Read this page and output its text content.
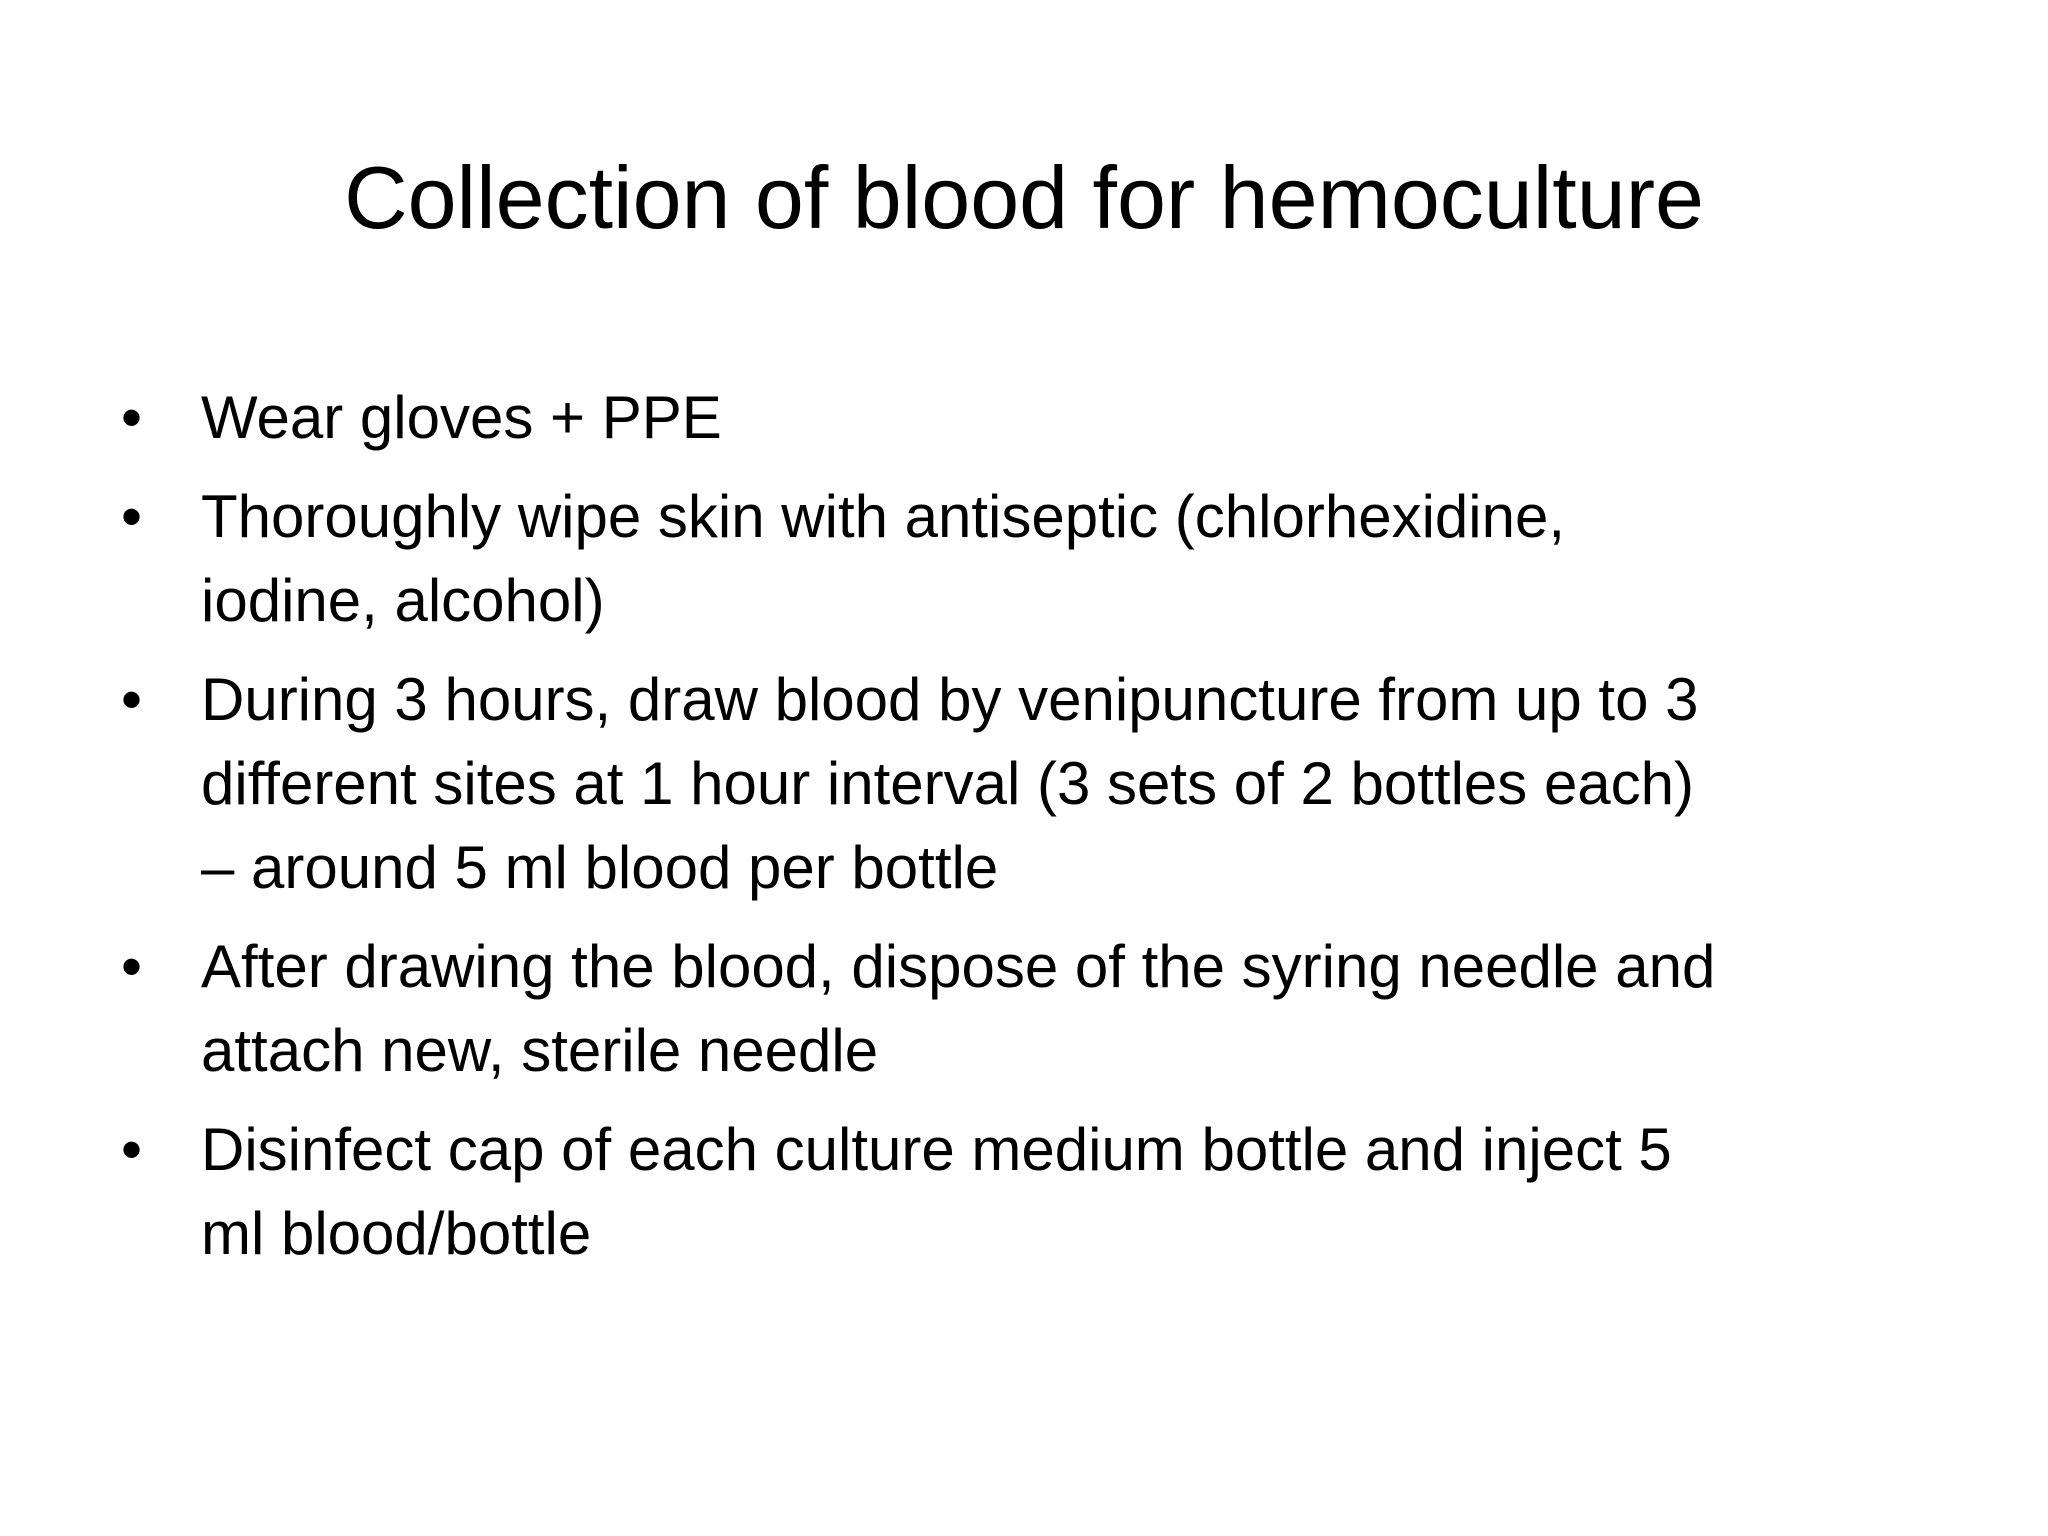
Collection of blood for hemoculture
• Wear gloves + PPE
• Thoroughly wipe skin with antiseptic (chlorhexidine,
iodine, alcohol)
• During 3 hours, draw blood by venipuncture from up to 3
different sites at 1 hour interval (3 sets of 2 bottles each)
– around 5 ml blood per bottle
• After drawing the blood, dispose of the syring needle and
attach new, sterile needle
• Disinfect cap of each culture medium bottle and inject 5
ml blood/bottle
